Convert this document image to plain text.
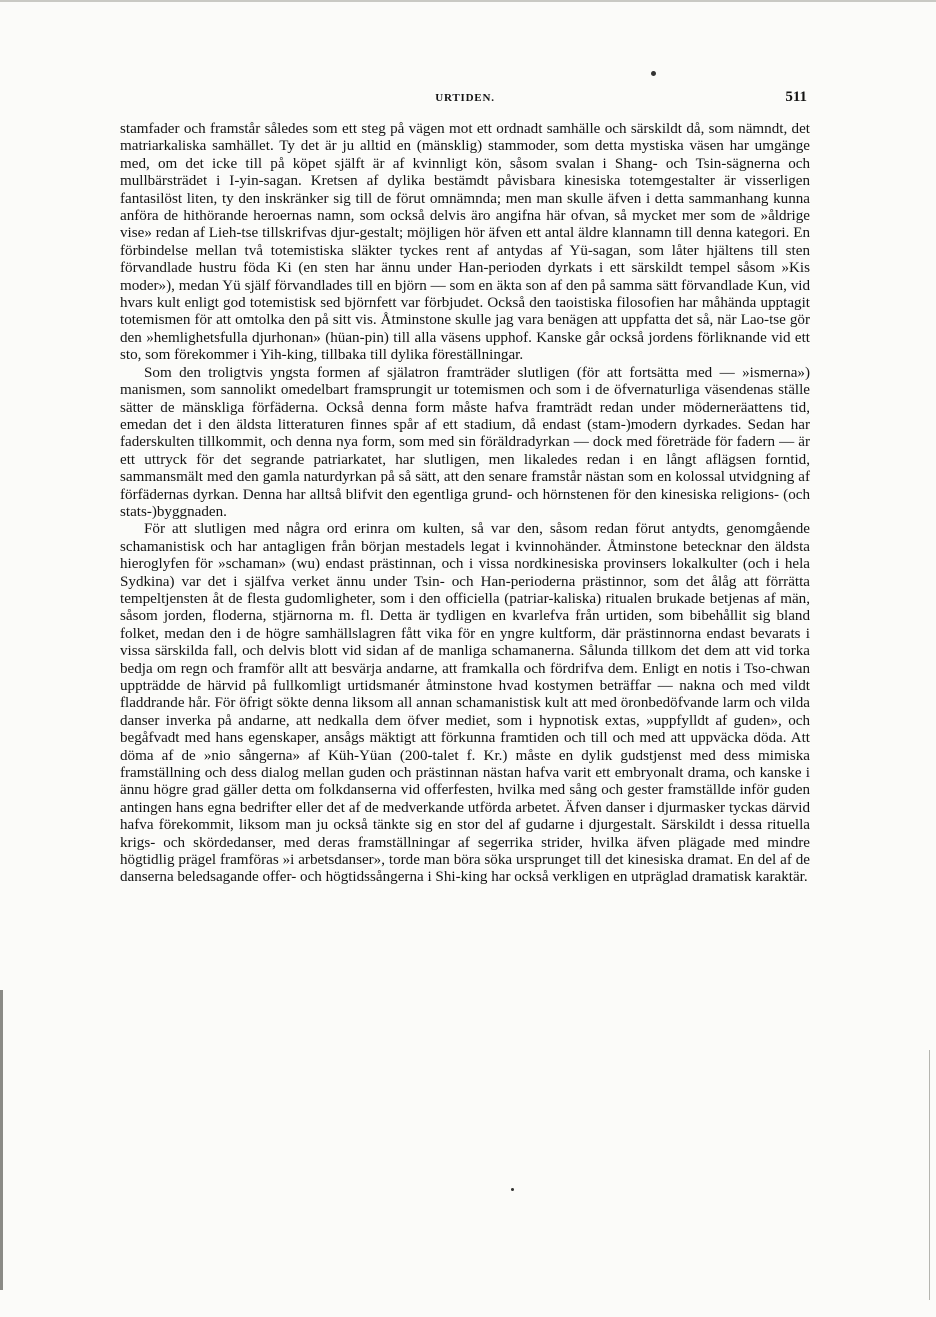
URTIDEN.	511

stamfader och framstår således som ett steg på vägen mot ett ordnadt samhälle och särskildt då, som nämndt, det matriarkaliska samhället. Ty det är ju alltid en (mänsklig) stammoder, som detta mystiska väsen har umgänge med, om det icke till på köpet själft är af kvinnligt kön, såsom svalan i Shang- och Tsin-sägnerna och mullbärsträdet i I-yin-sagan. Kretsen af dylika bestämdt påvisbara kinesiska totemgestalter är visserligen fantasilöst liten, ty den inskränker sig till de förut omnämnda; men man skulle äfven i detta sammanhang kunna anföra de hithörande heroernas namn, som också delvis äro angifna här ofvan, så mycket mer som de »åldrige vise» redan af Lieh-tse tillskrifvas djur-gestalt; möjligen hör äfven ett antal äldre klannamn till denna kategori. En förbindelse mellan två totemistiska släkter tyckes rent af antydas af Yü-sagan, som låter hjältens till sten förvandlade hustru föda Ki (en sten har ännu under Han-perioden dyrkats i ett särskildt tempel såsom »Kis moder»), medan Yü själf förvandlades till en björn — som en äkta son af den på samma sätt förvandlade Kun, vid hvars kult enligt god totemistisk sed björnfett var förbjudet. Också den taoistiska filosofien har måhända upptagit totemismen för att omtolka den på sitt vis. Åtminstone skulle jag vara benägen att uppfatta det så, när Lao-tse gör den »hemlighetsfulla djurhonan» (hüan-pin) till alla väsens upphof. Kanske går också jordens förliknande vid ett sto, som förekommer i Yih-king, tillbaka till dylika föreställningar.

Som den troligtvis yngsta formen af själatron framträder slutligen (för att fortsätta med — »ismerna») manismen, som sannolikt omedelbart framsprungit ur totemismen och som i de öfvernaturliga väsendenas ställe sätter de mänskliga förfäderna. Också denna form måste hafva framträdt redan under möderneräattens tid, emedan det i den äldsta litteraturen finnes spår af ett stadium, då endast (stam-)modern dyrkades. Sedan har faderskulten tillkommit, och denna nya form, som med sin föräldradyrkan — dock med företräde för fadern — är ett uttryck för det segrande patriarkatet, har slutligen, men likaledes redan i en långt aflägsen forntid, sammansmält med den gamla naturdyrkan på så sätt, att den senare framstår nästan som en kolossal utvidgning af förfädernas dyrkan. Denna har alltså blifvit den egentliga grund- och hörnstenen för den kinesiska religions- (och stats-)byggnaden.

För att slutligen med några ord erinra om kulten, så var den, såsom redan förut antydts, genomgående schamanistisk och har antagligen från början mestadels legat i kvinnohänder. Åtminstone betecknar den äldsta hieroglyfen för »schaman» (wu) endast prästinnan, och i vissa nordkinesiska provinsers lokalkulter (och i hela Sydkina) var det i själfva verket ännu under Tsin- och Han-perioderna prästinnor, som det ålåg att förrätta tempeltjensten åt de flesta gudomligheter, som i den officiella (patriar-kaliska) ritualen brukade betjenas af män, såsom jorden, floderna, stjärnorna m. fl. Detta är tydligen en kvarlefva från urtiden, som bibehållit sig bland folket, medan den i de högre samhällslagren fått vika för en yngre kultform, där prästinnorna endast bevarats i vissa särskilda fall, och delvis blott vid sidan af de manliga schamanerna. Sålunda tillkom det dem att vid torka bedja om regn och framför allt att besvärja andarne, att framkalla och fördrifva dem. Enligt en notis i Tso-chwan uppträdde de härvid på fullkomligt urtidsmanér åtminstone hvad kostymen beträffar — nakna och med vildt fladdrande hår. För öfrigt sökte denna liksom all annan schamanistisk kult att med öronbedöfvande larm och vilda danser inverka på andarne, att nedkalla dem öfver mediet, som i hypnotisk extas, »uppfylldt af guden», och begåfvadt med hans egenskaper, ansågs mäktigt att förkunna framtiden och till och med att uppväcka döda. Att döma af de »nio sångerna» af Küh-Yüan (200-talet f. Kr.) måste en dylik gudstjenst med dess mimiska framställning och dess dialog mellan guden och prästinnan nästan hafva varit ett embryonalt drama, och kanske i ännu högre grad gäller detta om folkdanserna vid offerfesten, hvilka med sång och gester framställde inför guden antingen hans egna bedrifter eller det af de medverkande utförda arbetet. Äfven danser i djurmasker tyckas därvid hafva förekommit, liksom man ju också tänkte sig en stor del af gudarne i djurgestalt. Särskildt i dessa rituella krigs- och skördedanser, med deras framställningar af segerrika strider, hvilka äfven plägade med mindre högtidlig prägel framföras »i arbetsdanser», torde man böra söka ursprunget till det kinesiska dramat. En del af de danserna beledsagande offer- och högtidssångerna i Shi-king har också verkligen en utpräglad dramatisk karaktär.
